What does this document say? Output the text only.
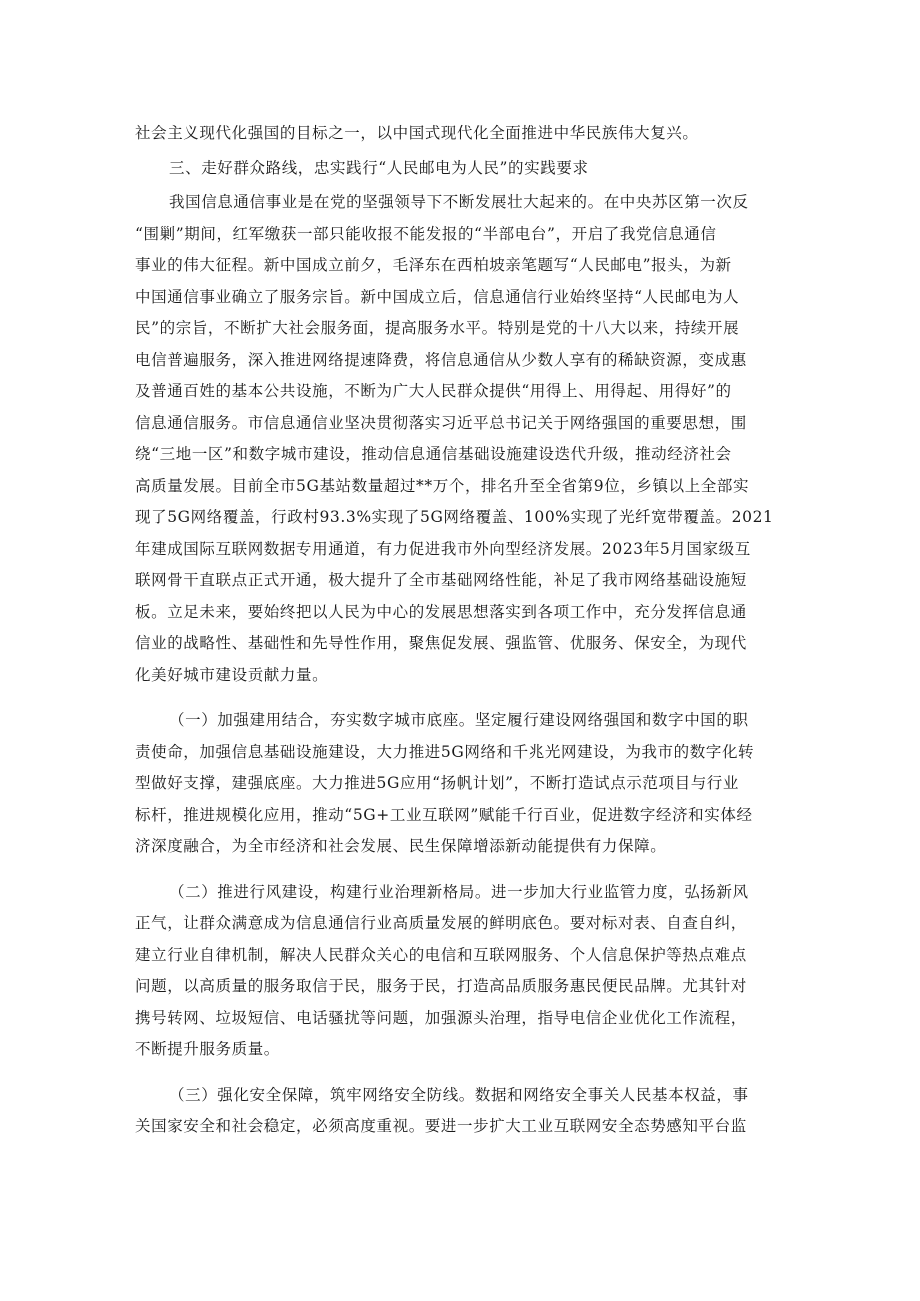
社会主义现代化强国的目标之一，以中国式现代化全面推进中华民族伟大复兴。
三、走好群众路线，忠实践行“人民邮电为人民”的实践要求
我国信息通信事业是在党的坚强领导下不断发展壮大起来的。在中央苏区第一次反
“围剿”期间，红军缴获一部只能收报不能发报的“半部电台”，开启了我党信息通信
事业的伟大征程。新中国成立前夕，毛泽东在西柏坡亲笔题写“人民邮电”报头，为新
中国通信事业确立了服务宗旨。新中国成立后，信息通信行业始终坚持“人民邮电为人
民”的宗旨，不断扩大社会服务面，提高服务水平。特别是党的十八大以来，持续开展
电信普遍服务，深入推进网络提速降费，将信息通信从少数人享有的稀缺资源，变成惠
及普通百姓的基本公共设施，不断为广大人民群众提供“用得上、用得起、用得好”的
信息通信服务。市信息通信业坚决贯彻落实习近平总书记关于网络强国的重要思想，围
绕“三地一区”和数字城市建设，推动信息通信基础设施建设迭代升级，推动经济社会
高质量发展。目前全市5G基站数量超过**万个，排名升至全省第9位，乡镇以上全部实
现了5G网络覆盖，行政村93.3%实现了5G网络覆盖、100%实现了光纤宽带覆盖。2021
年建成国际互联网数据专用通道，有力促进我市外向型经济发展。2023年5月国家级互
联网骨干直联点正式开通，极大提升了全市基础网络性能，补足了我市网络基础设施短
板。立足未来，要始终把以人民为中心的发展思想落实到各项工作中，充分发挥信息通
信业的战略性、基础性和先导性作用，聚焦促发展、强监管、优服务、保安全，为现代
化美好城市建设贡献力量。
（一）加强建用结合，夯实数字城市底座。坚定履行建设网络强国和数字中国的职
责使命，加强信息基础设施建设，大力推进5G网络和千兆光网建设，为我市的数字化转
型做好支撑，建强底座。大力推进5G应用“扬帆计划”，不断打造试点示范项目与行业
标杆，推进规模化应用，推动“5G+工业互联网”赋能千行百业，促进数字经济和实体经
济深度融合，为全市经济和社会发展、民生保障增添新动能提供有力保障。
（二）推进行风建设，构建行业治理新格局。进一步加大行业监管力度，弘扬新风
正气，让群众满意成为信息通信行业高质量发展的鲜明底色。要对标对表、自查自纠，
建立行业自律机制，解决人民群众关心的电信和互联网服务、个人信息保护等热点难点
问题，以高质量的服务取信于民，服务于民，打造高品质服务惠民便民品牌。尤其针对
携号转网、垃圾短信、电话骚扰等问题，加强源头治理，指导电信企业优化工作流程，
不断提升服务质量。
（三）强化安全保障，筑牢网络安全防线。数据和网络安全事关人民基本权益，事
关国家安全和社会稳定，必须高度重视。要进一步扩大工业互联网安全态势感知平台监
